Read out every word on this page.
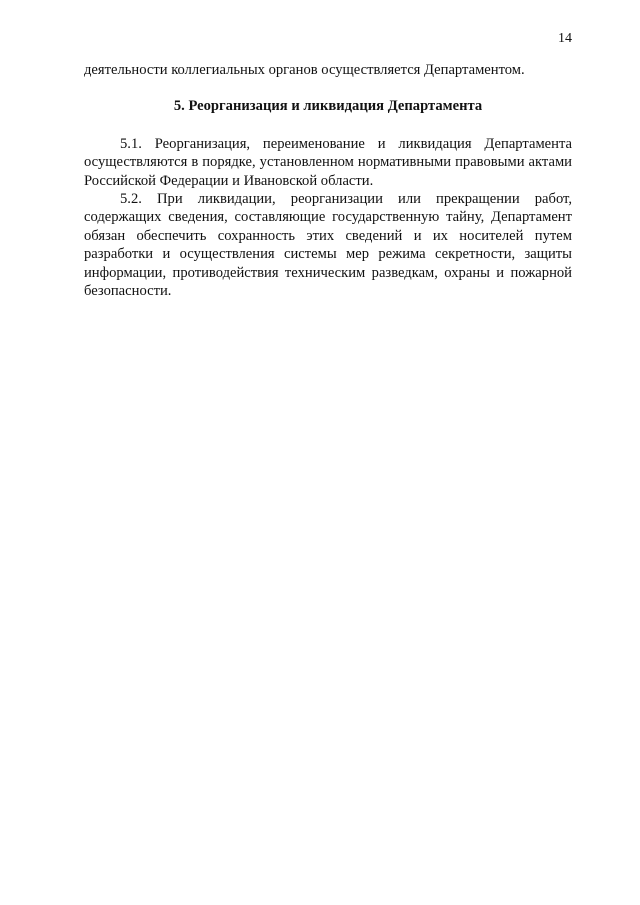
14

деятельности коллегиальных органов осуществляется Департаментом.

5. Реорганизация и ликвидация Департамента

5.1. Реорганизация, переименование и ликвидация Департамента осуществляются в порядке, установленном нормативными правовыми актами Российской Федерации и Ивановской области.

5.2. При ликвидации, реорганизации или прекращении работ, содержащих сведения, составляющие государственную тайну, Департамент обязан обеспечить сохранность этих сведений и их носителей путем разработки и осуществления системы мер режима секретности, защиты информации, противодействия техническим разведкам, охраны и пожарной безопасности.
